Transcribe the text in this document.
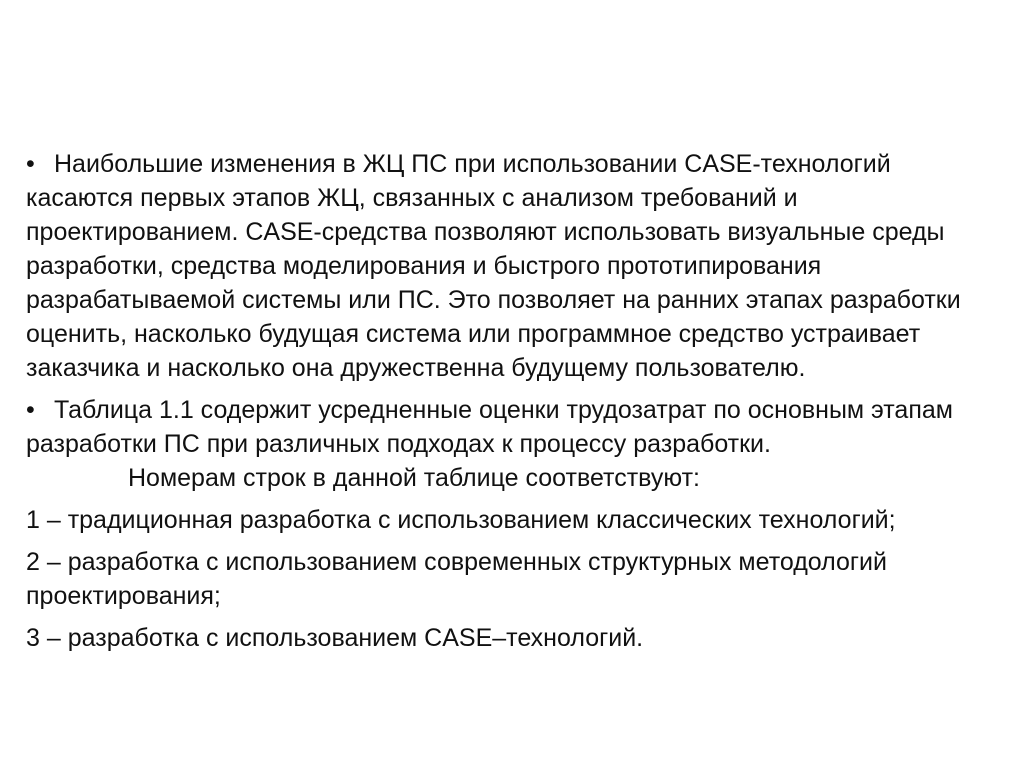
• Наибольшие изменения в ЖЦ ПС при использовании CASE-технологий касаются первых этапов ЖЦ, связанных с анализом требований и проектированием. CASE-средства позволяют использовать визуальные среды разработки, средства моделирования и быстрого прототипирования разрабатываемой системы или ПС. Это позволяет на ранних этапах разработки оценить, насколько будущая система или программное средство устраивает заказчика и насколько она дружественна будущему пользователю.

• Таблица 1.1 содержит усредненные оценки трудозатрат по основным этапам разработки ПС при различных подходах к процессу разработки.
Номерам строк в данной таблице соответствуют:

1 – традиционная разработка с использованием классических технологий;

2 – разработка с использованием современных структурных методологий проектирования;

3 – разработка с использованием CASE–технологий.
